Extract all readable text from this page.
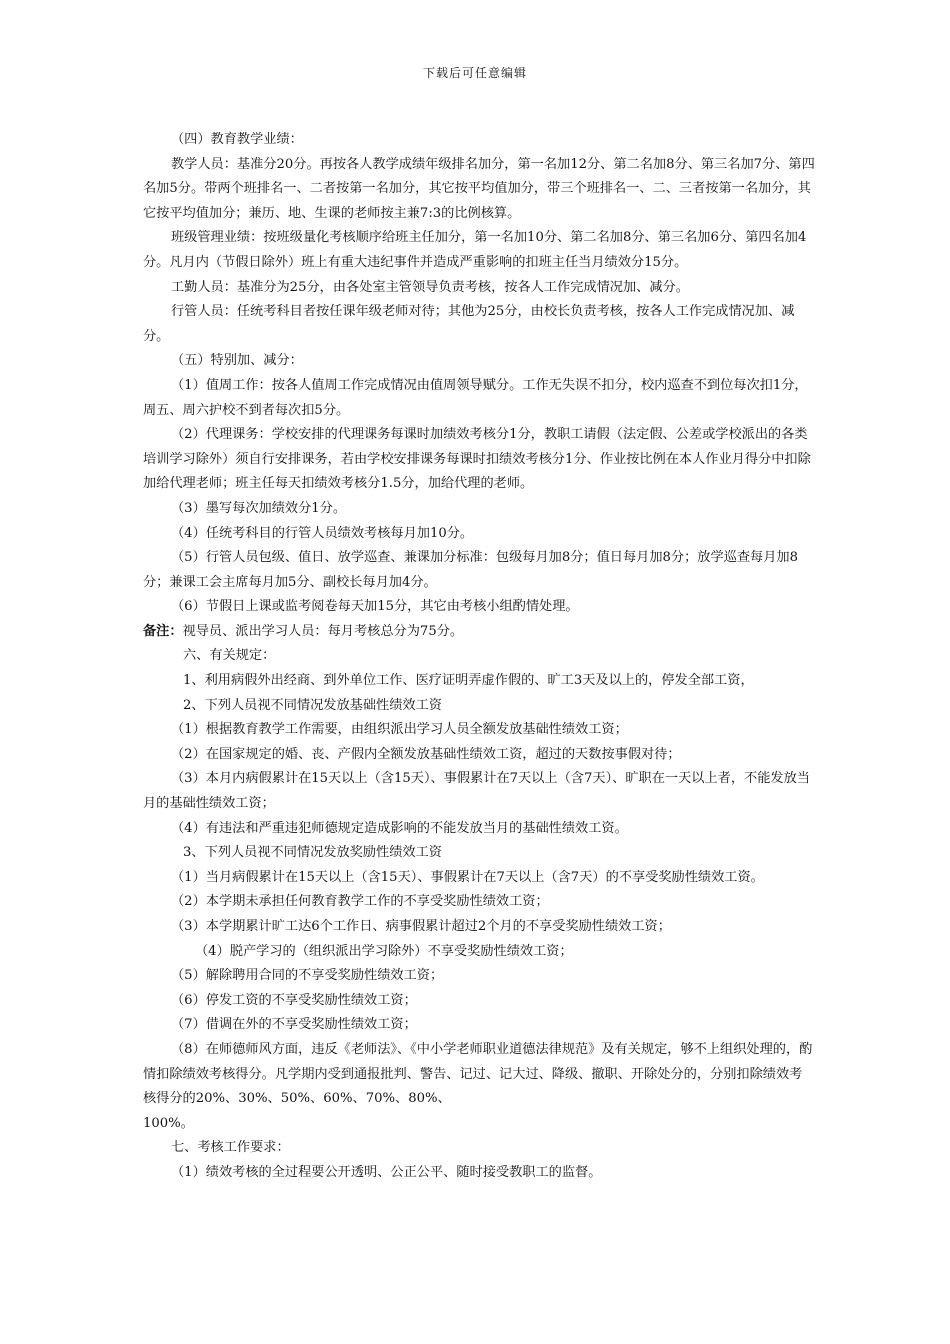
下载后可任意编辑

（四）教育教学业绩：

教学人员：基准分20分。再按各人教学成绩年级排名加分，第一名加12分、第二名加8分、第三名加7分、第四名加5分。带两个班排名一、二者按第一名加分，其它按平均值加分，带三个班排名一、二、三者按第一名加分，其它按平均值加分；兼历、地、生课的老师按主兼7:3的比例核算。

班级管理业绩：按班级量化考核顺序给班主任加分，第一名加10分、第二名加8分、第三名加6分、第四名加4分。凡月内（节假日除外）班上有重大违纪事件并造成严重影响的扣班主任当月绩效分15分。

工勤人员：基准分为25分，由各处室主管领导负责考核，按各人工作完成情况加、减分。

行管人员：任统考科目者按任课年级老师对待；其他为25分，由校长负责考核，按各人工作完成情况加、减分。

（五）特别加、减分：

（1）值周工作：按各人值周工作完成情况由值周领导赋分。工作无失误不扣分，校内巡查不到位每次扣1分，周五、周六护校不到者每次扣5分。

（2）代理课务：学校安排的代理课务每课时加绩效考核分1分，教职工请假（法定假、公差或学校派出的各类培训学习除外）须自行安排课务，若由学校安排课务每课时扣绩效考核分1分、作业按比例在本人作业月得分中扣除加给代理老师；班主任每天扣绩效考核分1.5分，加给代理的老师。

（3）墨写每次加绩效分1分。

（4）任统考科目的行管人员绩效考核每月加10分。

（5）行管人员包级、值日、放学巡查、兼课加分标准：包级每月加8分；值日每月加8分；放学巡查每月加8分；兼课工会主席每月加5分、副校长每月加4分。

（6）节假日上课或监考阅卷每天加15分，其它由考核小组酌情处理。

备注：视导员、派出学习人员：每月考核总分为75分。

六、有关规定：

1、利用病假外出经商、到外单位工作、医疗证明弄虚作假的、旷工3天及以上的，停发全部工资，

2、下列人员视不同情况发放基础性绩效工资

（1）根据教育教学工作需要，由组织派出学习人员全额发放基础性绩效工资；

（2）在国家规定的婚、丧、产假内全额发放基础性绩效工资，超过的天数按事假对待；

（3）本月内病假累计在15天以上（含15天）、事假累计在7天以上（含7天）、旷职在一天以上者，不能发放当月的基础性绩效工资；

（4）有违法和严重违犯师德规定造成影响的不能发放当月的基础性绩效工资。

3、下列人员视不同情况发放奖励性绩效工资

（1）当月病假累计在15天以上（含15天）、事假累计在7天以上（含7天）的不享受奖励性绩效工资。

（2）本学期未承担任何教育教学工作的不享受奖励性绩效工资；

（3）本学期累计旷工达6个工作日、病事假累计超过2个月的不享受奖励性绩效工资；

（4）脱产学习的（组织派出学习除外）不享受奖励性绩效工资；

（5）解除聘用合同的不享受奖励性绩效工资；

（6）停发工资的不享受奖励性绩效工资；

（7）借调在外的不享受奖励性绩效工资；

（8）在师德师风方面，违反《老师法》、《中小学老师职业道德法律规范》及有关规定，够不上组织处理的，酌情扣除绩效考核得分。凡学期内受到通报批判、警告、记过、记大过、降级、撤职、开除处分的，分别扣除绩效考核得分的20%、30%、50%、60%、70%、80%、

100%。

七、考核工作要求：

（1）绩效考核的全过程要公开透明、公正公平、随时接受教职工的监督。
